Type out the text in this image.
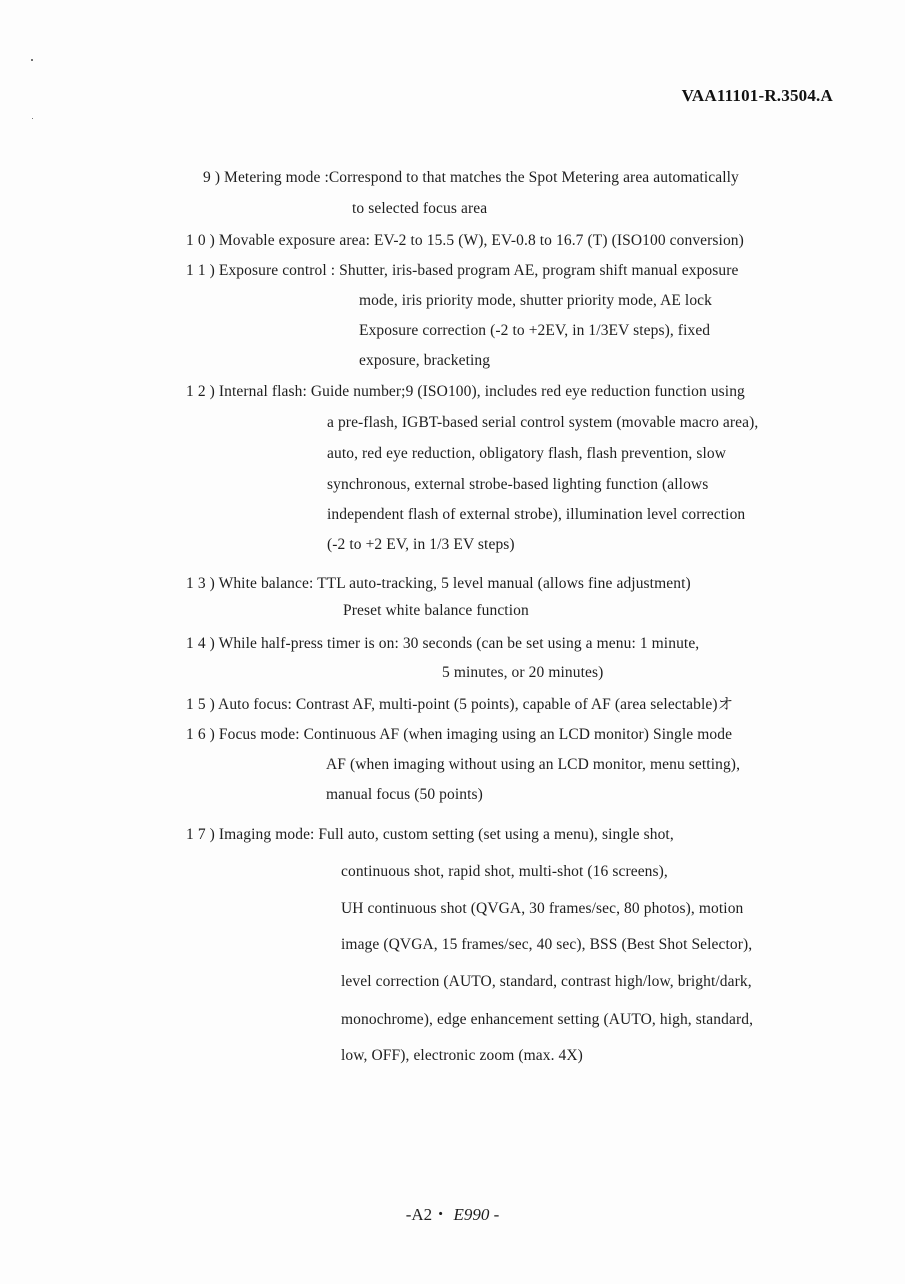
VAA11101-R.3504.A
9 ) Metering mode :Correspond to that matches the Spot Metering area automatically
to selected focus area
1 0 ) Movable exposure area: EV-2 to 15.5 (W), EV-0.8 to 16.7 (T) (ISO100 conversion)
1 1 ) Exposure control : Shutter, iris-based program AE, program shift manual exposure
mode, iris priority mode, shutter priority mode, AE lock
Exposure correction (-2 to +2EV, in 1/3EV steps), fixed
exposure, bracketing
1 2 ) Internal flash: Guide number;9 (ISO100), includes red eye reduction function using
a pre-flash, IGBT-based serial control system (movable macro area),
auto, red eye reduction, obligatory flash, flash prevention, slow
synchronous, external strobe-based lighting function (allows
independent flash of external strobe), illumination level correction
(-2 to +2 EV, in 1/3 EV steps)
1 3 ) White balance: TTL auto-tracking, 5 level manual (allows fine adjustment)
Preset white balance function
1 4 ) While half-press timer is on: 30 seconds (can be set using a menu: 1 minute,
5 minutes, or 20 minutes)
1 5 ) Auto focus: Contrast AF, multi-point (5 points), capable of AF (area selectable)オ
1 6 ) Focus mode: Continuous AF (when imaging using an LCD monitor) Single mode
AF (when imaging without using an LCD monitor, menu setting),
manual focus (50 points)
1 7 ) Imaging mode: Full auto, custom setting (set using a menu), single shot,
continuous shot, rapid shot, multi-shot (16 screens),
UH continuous shot (QVGA, 30 frames/sec, 80 photos), motion
image (QVGA, 15 frames/sec, 40 sec), BSS (Best Shot Selector),
level correction (AUTO, standard, contrast high/low, bright/dark,
monochrome), edge enhancement setting (AUTO, high, standard,
low, OFF), electronic zoom (max. 4X)
-A2・ E990 -
